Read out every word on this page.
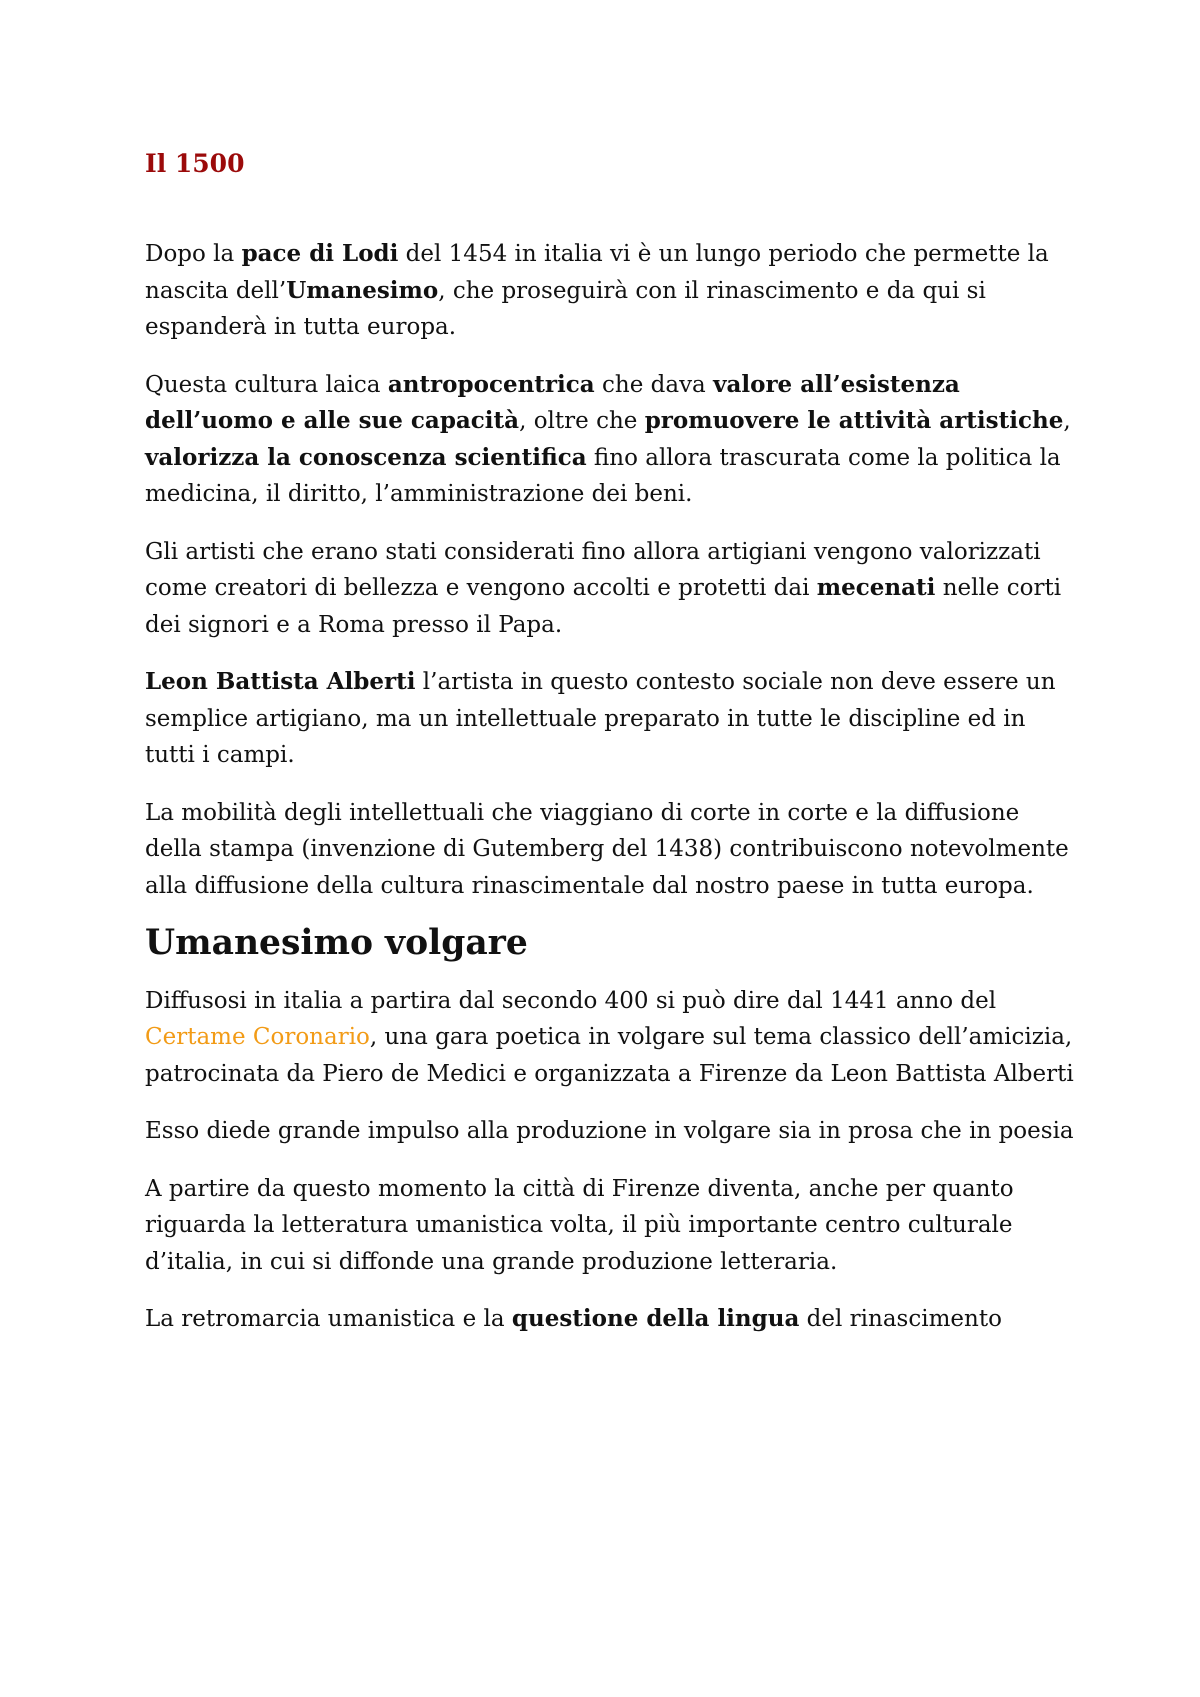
Il 1500

Dopo la pace di Lodi del 1454 in italia vi è un lungo periodo che permette la nascita dell’Umanesimo, che proseguirà con il rinascimento e da qui si espanderà in tutta europa.

Questa cultura laica antropocentrica che dava valore all’esistenza dell’uomo e alle sue capacità, oltre che promuovere le attività artistiche, valorizza la conoscenza scientifica fino allora trascurata come la politica la medicina, il diritto, l’amministrazione dei beni.

Gli artisti che erano stati considerati fino allora artigiani vengono valorizzati come creatori di bellezza e vengono accolti e protetti dai mecenati nelle corti dei signori e a Roma presso il Papa.

Leon Battista Alberti l’artista in questo contesto sociale non deve essere un semplice artigiano, ma un intellettuale preparato in tutte le discipline ed in tutti i campi.

La mobilità degli intellettuali che viaggiano di corte in corte e la diffusione della stampa (invenzione di Gutemberg del 1438) contribuiscono notevolmente alla diffusione della cultura rinascimentale dal nostro paese in tutta europa.

Umanesimo volgare

Diffusosi in italia a partira dal secondo 400 si può dire dal 1441 anno del Certame Coronario, una gara poetica in volgare sul tema classico dell’amicizia, patrocinata da Piero de Medici e organizzata a Firenze da Leon Battista Alberti

Esso diede grande impulso alla produzione in volgare sia in prosa che in poesia

A partire da questo momento la città di Firenze diventa, anche per quanto riguarda la letteratura umanistica volta, il più importante centro culturale d’italia, in cui si diffonde una grande produzione letteraria.

La retromarcia umanistica e la questione della lingua del rinascimento
